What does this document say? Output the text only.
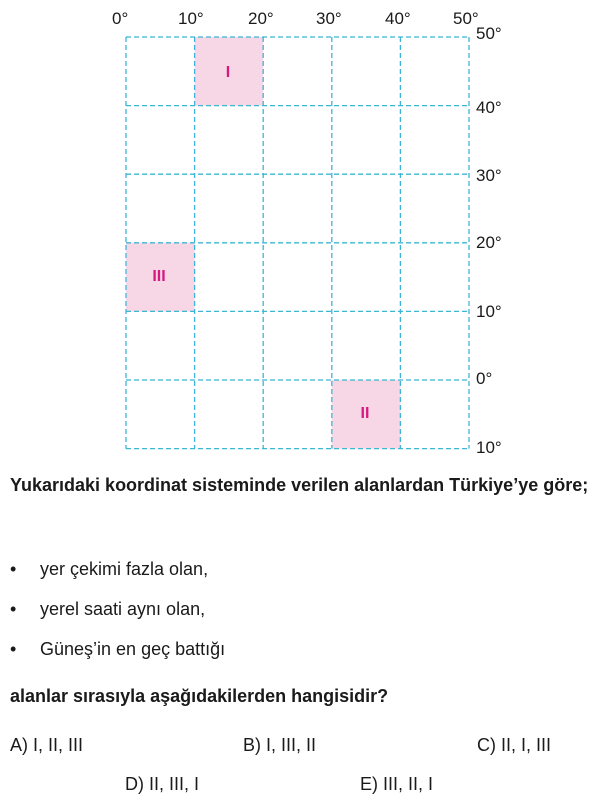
0°	10°	20° 30°	40° 50°
50°
40°
30°
20°
10°
0°
10°
I
III
II
Yukarıdaki koordinat sisteminde verilen alanlardan Türkiye’ye göre;
• yer çekimi fazla olan,
• yerel saati aynı olan,
• Güneş’in en geç battığı
alanlar sırasıyla aşağıdakilerden hangisidir?
A) I, II, III	B) I, III, II	C) II, I, III
D) II, III, I	E) III, II, I
